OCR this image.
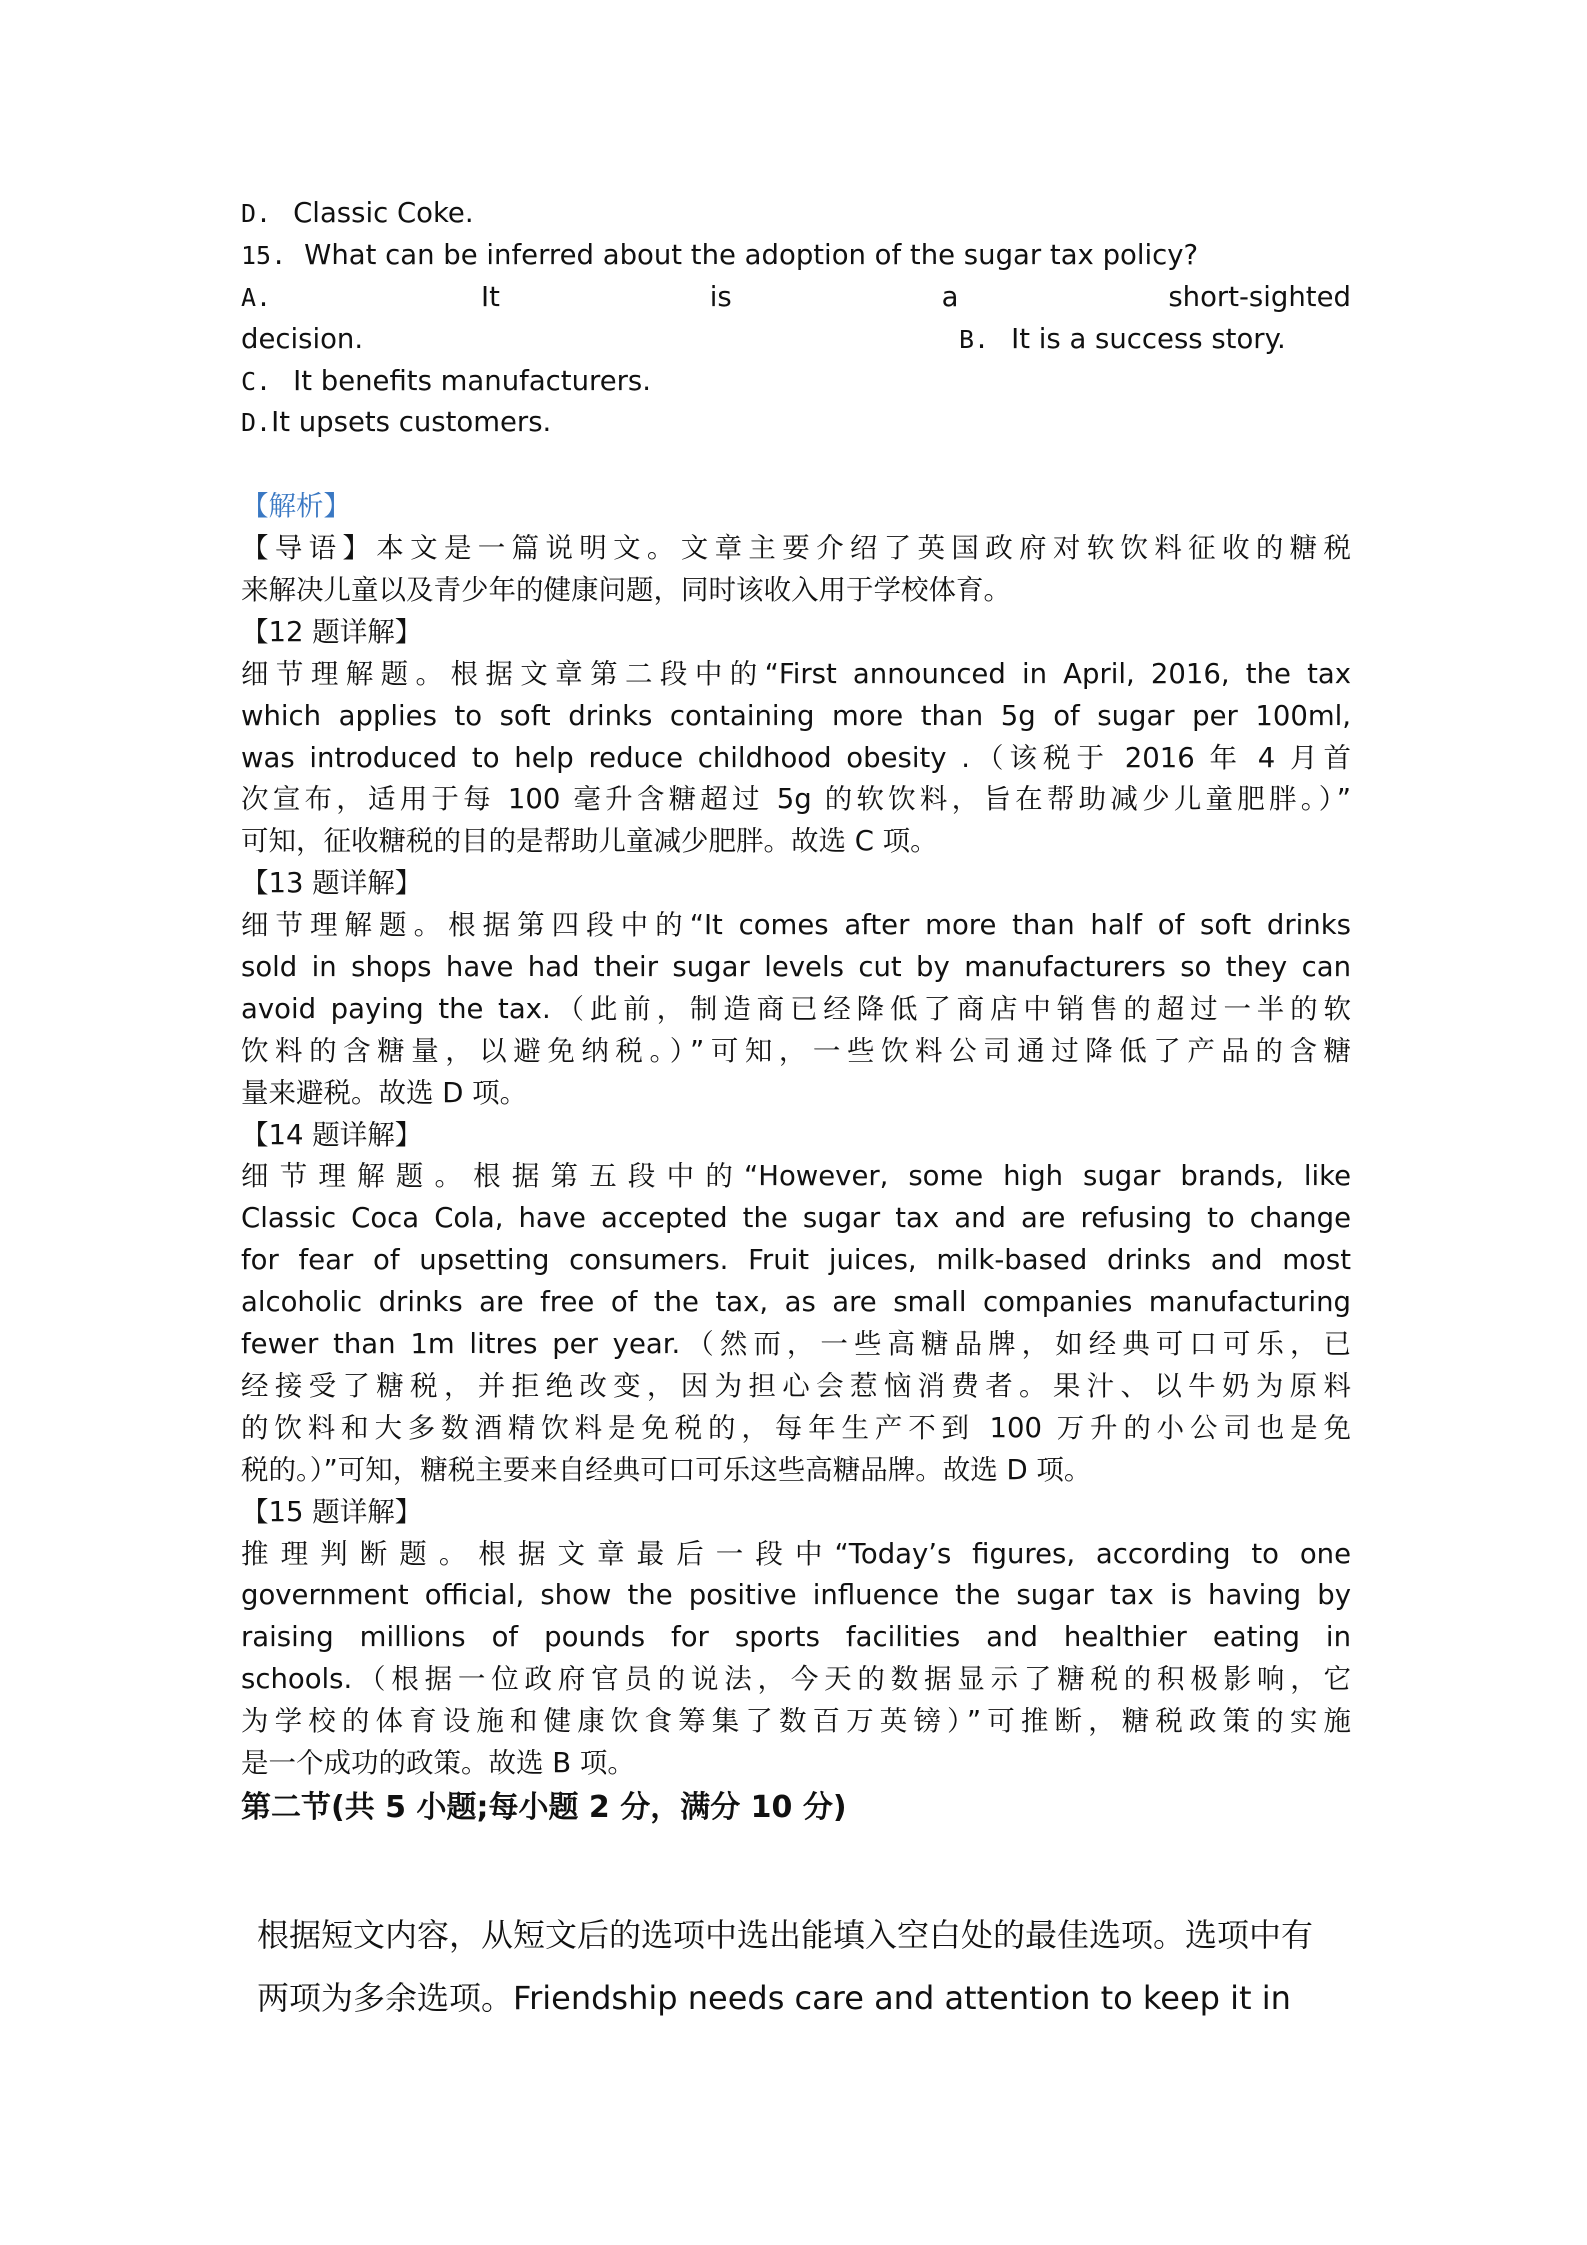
D. Classic Coke.
15. What can be inferred about the adoption of the sugar tax policy?
A.	It	is	a	short-sighted
decision.	B. It is a success story.
C. It benefits manufacturers.
D.It upsets customers.

【解析】
【导语】本文是一篇说明文。文章主要介绍了英国政府对软饮料征收的糖税
来解决儿童以及青少年的健康问题，同时该收入用于学校体育。
【12 题详解】
细节理解题。根据文章第二段中的“First announced in April, 2016, the tax
which applies to soft drinks containing more than 5g of sugar per 100ml,
was introduced to help reduce childhood obesity .（该税于 2016 年 4 月首
次宣布，适用于每 100 毫升含糖超过 5g 的软饮料，旨在帮助减少儿童肥胖。）”
可知，征收糖税的目的是帮助儿童减少肥胖。故选 C 项。
【13 题详解】
细节理解题。根据第四段中的“It comes after more than half of soft drinks
sold in shops have had their sugar levels cut by manufacturers so they can
avoid paying the tax.（此前，制造商已经降低了商店中销售的超过一半的软
饮料的含糖量，以避免纳税。）”可知，一些饮料公司通过降低了产品的含糖
量来避税。故选 D 项。
【14 题详解】
细节理解题。根据第五段中的“However, some high sugar brands, like
Classic Coca Cola, have accepted the sugar tax and are refusing to change
for fear of upsetting consumers. Fruit juices, milk-based drinks and most
alcoholic drinks are free of the tax, as are small companies manufacturing
fewer than 1m litres per year.（然而，一些高糖品牌，如经典可口可乐，已
经接受了糖税，并拒绝改变，因为担心会惹恼消费者。果汁、以牛奶为原料
的饮料和大多数酒精饮料是免税的，每年生产不到 100 万升的小公司也是免
税的。）”可知，糖税主要来自经典可口可乐这些高糖品牌。故选 D 项。
【15 题详解】
推理判断题。根据文章最后一段中“Today’s figures, according to one
government official, show the positive influence the sugar tax is having by
raising millions of pounds for sports facilities and healthier eating in
schools.（根据一位政府官员的说法，今天的数据显示了糖税的积极影响，它
为学校的体育设施和健康饮食筹集了数百万英镑）”可推断，糖税政策的实施
是一个成功的政策。故选 B 项。
第二节(共 5 小题;每小题 2 分，满分 10 分)
根据短文内容，从短文后的选项中选出能填入空白处的最佳选项。选项中有
两项为多余选项。Friendship needs care and attention to keep it in
